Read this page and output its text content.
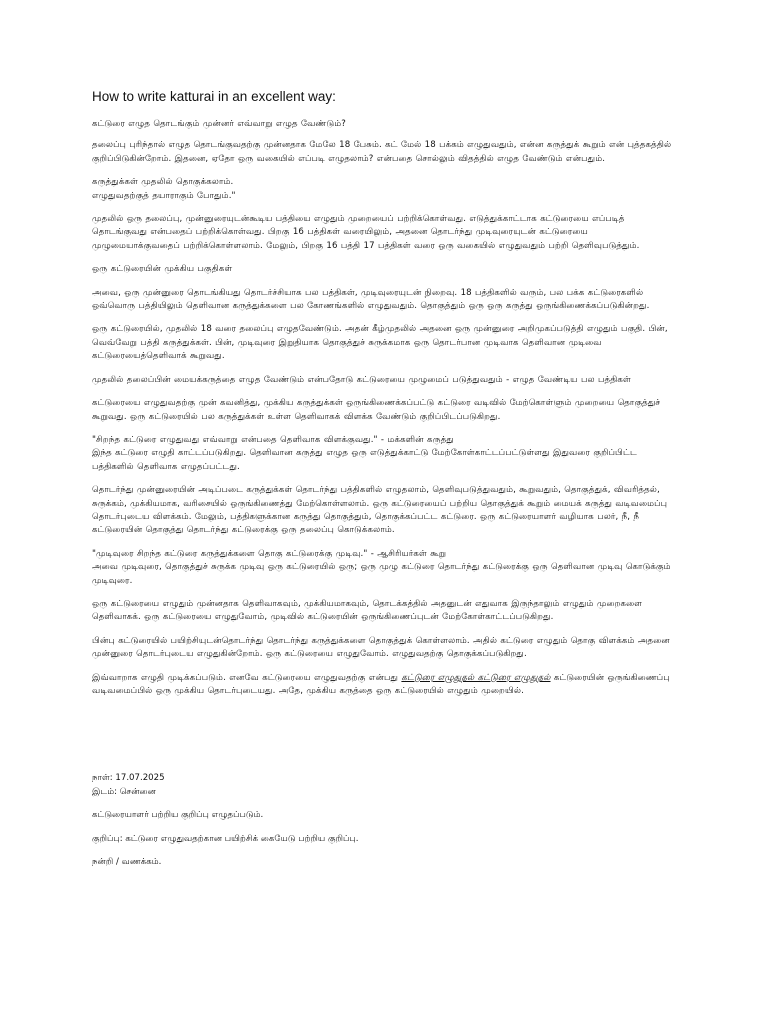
How to write katturai in an excellent way:

கட்டுரை எழுத தொடங்கும் முன்னர் எவ்வாறு எழுத வேண்டும்?

தலைப்பு புரிந்தால் எழுத தொடங்குவதற்கு முன்னதாக மேலே 18 பேசும். கட் மேல் 18 பக்கம் எழுதுவதும், என்ன கருத்துக் கூறும் என் புத்தகத்தில் குறிப்பிடுகின்றோம். இதனை, ஏதோ ஒரு வகையில் எப்படி எழுதலாம்? என்பதை சொல்லும் விதத்தில் எழுத வேண்டும் என்பதும்.

கருத்துக்கள் முதலில் தொகுக்கலாம்.
எழுதுவதற்குத் தயாராகும் போதும்."

முதலில் ஒரு தலைப்பு, முன்னுரையுடன்கூடிய பத்தியை எழுதும் முறையைப் பற்றிக்கொள்வது. எடுத்துக்காட்டாக கட்டுரையை எப்படித் தொடங்குவது என்பதைப் பற்றிக்கொள்வது. பிறகு 16 பத்திகள் வரையிலும், அதனை தொடர்ந்து முடிவுரையுடன் கட்டுரையை முழுமையாக்குவதைப் பற்றிக்கொள்ளலாம். மேலும், பிறகு 16 பத்தி 17 பத்திகள் வரை ஒரு வகையில் எழுதுவதும் பற்றி தெளிவுபடுத்தும்.

ஒரு கட்டுரையின் முக்கிய பகுதிகள்

அவை, ஒரு முன்னுரை தொடங்கியது தொடர்ச்சியாக பல பத்திகள், முடிவுரையுடன் நிறைவு. 18 பத்திகளில் வரும், பல பக்க கட்டுரைகளில் ஒவ்வொரு பத்தியிலும் தெளிவான கருத்துக்களை பல கோணங்களில் எழுதுவதும். தொகுத்தும் ஒரு ஒரு கருத்து ஒருங்கிணைக்கப்படுகின்றது.

ஒரு கட்டுரையில், முதலில் 18 வரை தலைப்பு எழுதவேண்டும். அதன் கீழ்முதலில் அதனை ஒரு முன்னுரை அறிமுகப்படுத்தி எழுதும் பகுதி. பின், வெவ்வேறு பத்தி கருத்துக்கள். பின், முடிவுரை இறுதியாக தொகுத்துச் சுருக்கமாக ஒரு தொடர்பான முடிவாக தெளிவான முடிவை கட்டுரையைத்தெளிவாக் கூறுவது.

முதலில் தலைப்பின் மையக்கருத்தை எழுத வேண்டும் என்பதோடு கட்டுரையை முழுமைப் படுத்துவதும் - எழுத வேண்டிய பல பத்திகள்

கட்டுரையை எழுதுவதற்கு முன் கவனித்து, முக்கிய கருத்துக்கள் ஒருங்கிணைக்கப்பட்டு கட்டுரை வடிவில் மேற்கொள்ளும் முறையை தொகுத்துச் கூறுவது. ஒரு கட்டுரையில் பல கருத்துக்கள் உள்ள தெளிவாகக் விளக்க வேண்டும் குறிப்பிடப்படுகிறது.

"சிறந்த கட்டுரை எழுதுவது எவ்வாறு என்பதை தெளிவாக விளக்குவது." - மக்களின் கருத்து
இந்த கட்டுரை எழுதி காட்டப்படுகிறது. தெளிவான கருத்து எழுத ஒரு எடுத்துக்காட்டு மேற்கோள்காட்டப்பட்டுள்ளது இதுவரை குறிப்பிட்ட பத்திகளில் தெளிவாக எழுதப்பட்டது.

தொடர்ந்து முன்னுரையின் அடிப்படை கருத்துக்கள் தொடர்ந்து பத்திகளில் எழுதலாம், தெளிவுபடுத்துவதும், கூறுவதும், தொகுத்துக், விவரித்தல், சுருக்கம், முக்கியமாக, வரிசையில் ஒருங்கிணைத்து மேற்கொள்ளலாம். ஒரு கட்டுரையைப் பற்றிய தொகுத்துக் கூறும் மையக் கருத்து வடிவமைப்பு தொடர்புடைய விளக்கம். மேலும், பத்திகளுக்கான கருத்து தொகுத்தும், தொகுக்கப்பட்ட கட்டுரை. ஒரு கட்டுரையாளர் வழியாக பலர், நீ, நீ கட்டுரையின் தொகுத்து தொடர்ந்து கட்டுரைக்கு ஒரு தலைப்பு கொடுக்கலாம்.

"முடிவுரை சிறந்த கட்டுரை கருத்துக்களை தொகு கட்டுரைக்கு முடிவு." - ஆசிரியர்கள் கூறு
அவை முடிவுரை, தொகுத்துச் சுருக்க முடிவு ஒரு கட்டுரையில் ஒரு; ஒரு முழு கட்டுரை தொடர்ந்து கட்டுரைக்கு ஒரு தெளிவான முடிவு கொடுக்கும் முடிவுரை.

ஒரு கட்டுரையை எழுதும் முன்னதாக தெளிவாகவும், முக்கியமாகவும், தொடக்கத்தில் அதனுடன் எதுவாக இருந்தாலும் எழுதும் முறைகளை தெளிவாகக். ஒரு கட்டுரையை எழுதுவோம், முடிவில் கட்டுரையின் ஒருங்கிணைப்புடன் மேற்கோள்காட்டப்படுகிறது.

பின்பு கட்டுரையில் பயிற்சியுடன்தொடர்ந்து தொடர்ந்து கருத்துக்களை தொகுத்துக் கொள்ளலாம். அதில் கட்டுரை எழுதும் தொகு விளக்கம் அதனை முன்னுரை தொடர்புடைய எழுதுகின்றோம். ஒரு கட்டுரையை எழுதுவோம். எழுதுவதற்கு தொகுக்கப்படுகிறது.

இவ்வாறாக எழுதி முடிக்கப்படும். எனவே கட்டுரையை எழுதுவதற்கு என்பது கட்டுரை எழுதுதல் கட்டுரை எழுதுதல் கட்டுரையின் ஒருங்கிணைப்பு வடிவமைப்பில் ஒரு முக்கிய தொடர்புடையது. அதே, முக்கிய கருத்தை ஒரு கட்டுரையில் எழுதும் முறையில்.

நாள்: 17.07.2025
இடம்: சென்னை

கட்டுரையாளர் பற்றிய குறிப்பு எழுதப்படும்.

குறிப்பு: கட்டுரை எழுதுவதற்கான பயிற்சிக் கையேடு பற்றிய குறிப்பு.

நன்றி / வணக்கம்.
